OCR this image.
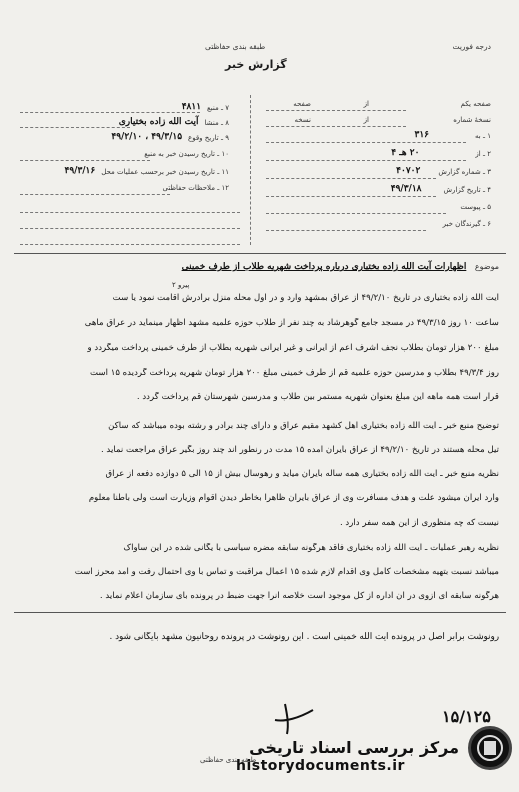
طبقه بندی حفاظتی	درجه فوریت
گزارش خبر
۷ ـ منبع
۴۸۱۱
۸ ـ منشا
آیت الله زاده بختیاری
۹ ـ تاریخ وقوع
۴۹/۳/۱۵ ، ۴۹/۲/۱۰
۱۰ ـ تاریخ رسیدن خبر به منبع
۱۱ ـ تاریخ رسیدن خبر برحسب عملیات محل
۴۹/۳/۱۶
۱۲ ـ ملاحظات حفاظتی
صفحه یکم
از
صفحه
نسخهٔ شماره
از
نسخه
۱ ـ به
۳۱۶
۲ ـ از
۲۰ هـ ۴
۳ ـ شماره گزارش
۴۰۷۰۲
۴ ـ تاریخ گزارش
۴۹/۳/۱۸
۵ ـ پیوست
۶ ـ گیرندگان خبر
موضوع اظهارات آیت الله زاده بختیاری درباره پرداخت شهریه طلاب از طرف خمینی
پیرو ۲
آیت الله زاده بختیاری در تاریخ ۴۹/۲/۱۰ از عراق بمشهد وارد و در اول محله منزل برادرش اقامت نمود یا ست
ساعت ۱۰ روز ۴۹/۳/۱۵ در مسجد جامع گوهرشاد به چند نفر از طلاب حوزه علمیه مشهد اظهار مینماید در عراق ماهی
مبلغ ۲۰۰ هزار تومان بطلاب نجف اشرف اعم از ایرانی و غیر ایرانی شهریه بطلاب از طرف خمینی پرداخت میگردد و
روز ۴۹/۳/۴ بطلاب و مدرسین حوزه علمیه قم از طرف خمینی مبلغ ۲۰۰ هزار تومان شهریه پرداخت گردیده ۱۵ است
قرار است همه ماهه این مبلغ بعنوان شهریه مستمر بین طلاب و مدرسین شهرستان قم پرداخت گردد .
توضیح منبع خبر ـ آیت الله زاده بختیاری اهل کشهد مقیم عراق و دارای چند برادر و رشته بوده میباشد که ساکن
تیل محله هستند در تاریخ ۴۹/۲/۱۰ از عراق بایران آمده ۱۵ مدت در رنطور اند چند روز بگیر عراق مراجعت نماید .
نظریه منبع خبر ـ آیت الله زاده بختیاری همه ساله بایران میاید و رهوسال بیش از ۱۵ الی ۵ دوازده دفعه از عراق
وارد ایران میشود علت و هدف مسافرت وی از عراق بایران ظاهرا بخاطر دیدن اقوام وزیارت است ولی باطنا معلوم
نیست که چه منظوری از این همه سفر دارد .
نظریه رهبر عملیات ـ آیت الله زاده بختیاری فاقد هرگونه سابقه مضره سیاسی با یگانی شده در این ساواک
میباشد نسبت بتهیه مشخصات کامل وی اقدام لازم شده ۱۵ اعمال مراقبت و تماس با وی احتمال رفت و آمد محرز است
هرگونه سابقه ای ازوی در آن اداره از کل موجود است خلاصه آنرا جهت ضبط در پرونده بای سازمان اعلام نماید .
رونوشت برابر اصل در پرونده آیت الله خمینی است . این رونوشت در پرونده روحانیون مشهد بایگانی شود .
۱۵/۱۲۵
طبقه بندی حفاظتی
مرکز بررسی اسناد تاریخی
historydocuments.ir
